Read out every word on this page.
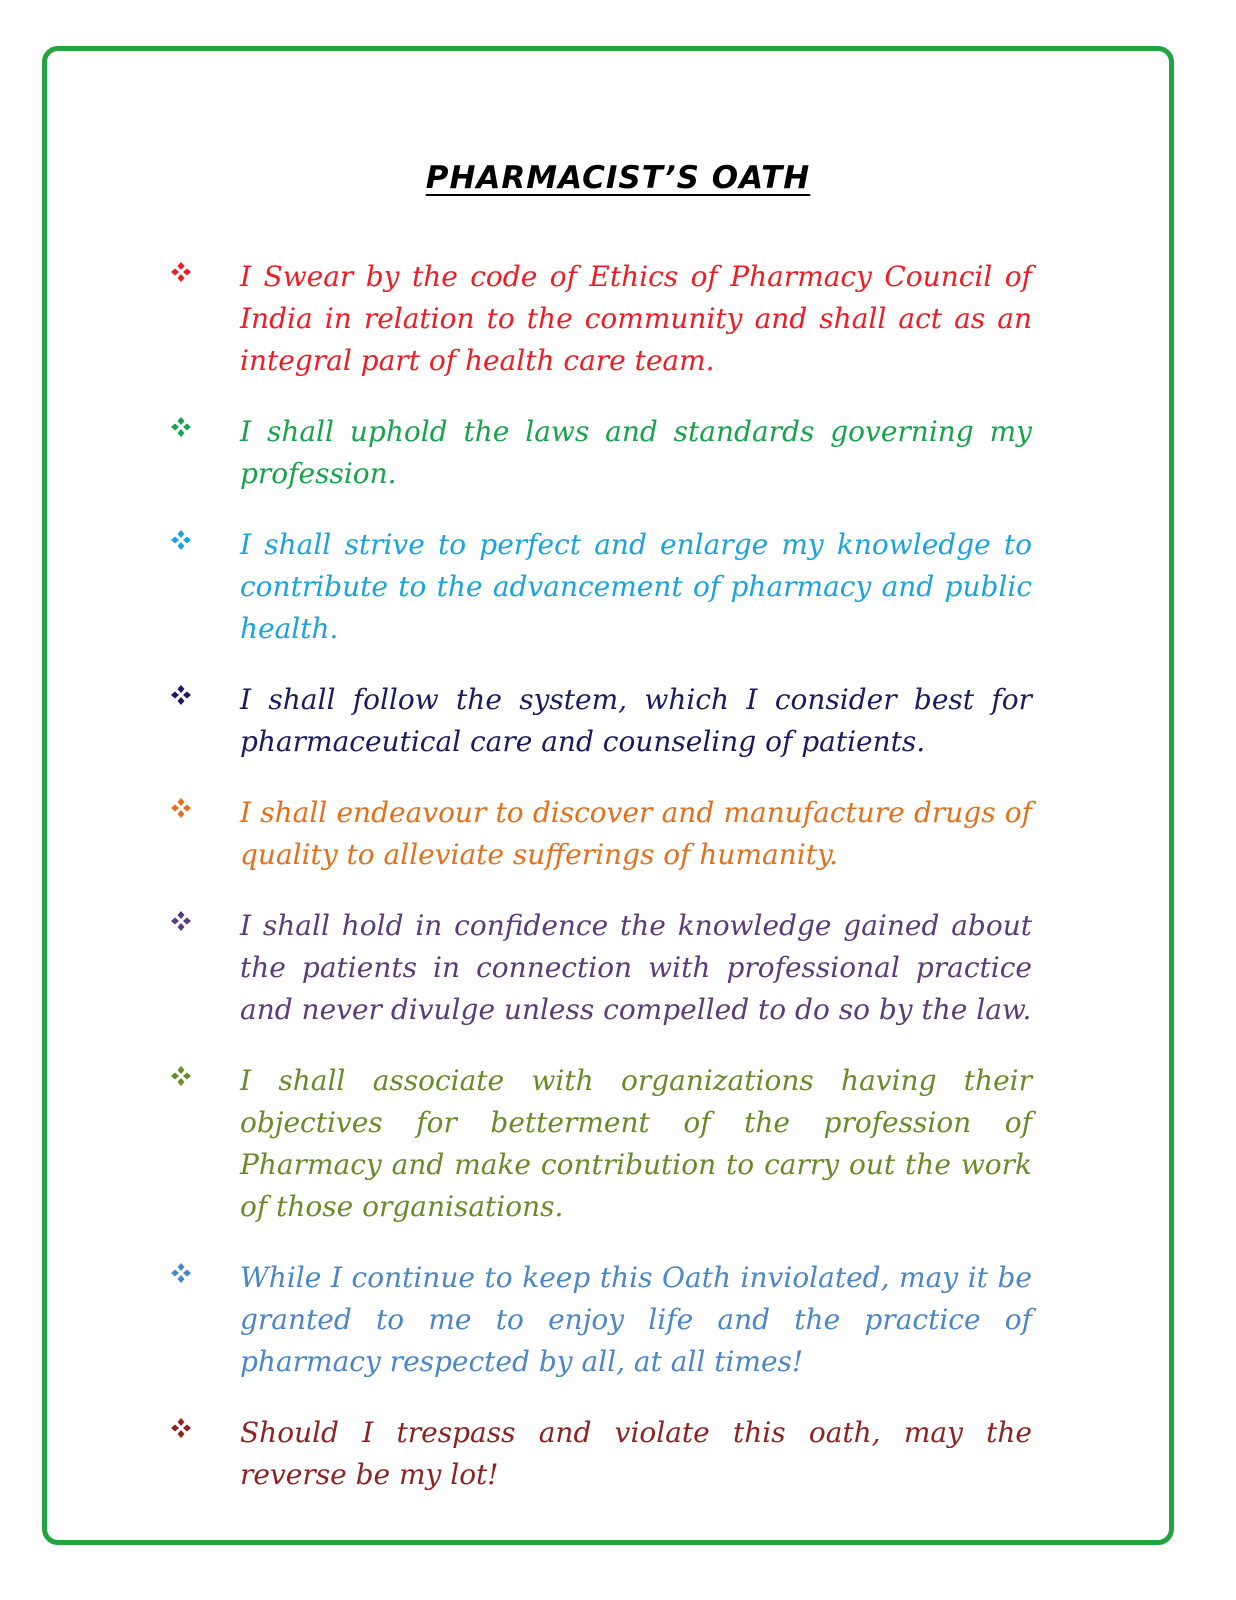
PHARMACIST’S OATH
I Swear by the code of Ethics of Pharmacy Council of India in relation to the community and shall act as an integral part of health care team.
I shall uphold the laws and standards governing my profession.
I shall strive to perfect and enlarge my knowledge to contribute to the advancement of pharmacy and public health.
I shall follow the system, which I consider best for pharmaceutical care and counseling of patients.
I shall endeavour to discover and manufacture drugs of quality to alleviate sufferings of humanity.
I shall hold in confidence the knowledge gained about the patients in connection with professional practice and never divulge unless compelled to do so by the law.
I shall associate with organizations having their objectives for betterment of the profession of Pharmacy and make contribution to carry out the work of those organisations.
While I continue to keep this Oath inviolated, may it be granted to me to enjoy life and the practice of pharmacy respected by all, at all times!
Should I trespass and violate this oath, may the reverse be my lot!
